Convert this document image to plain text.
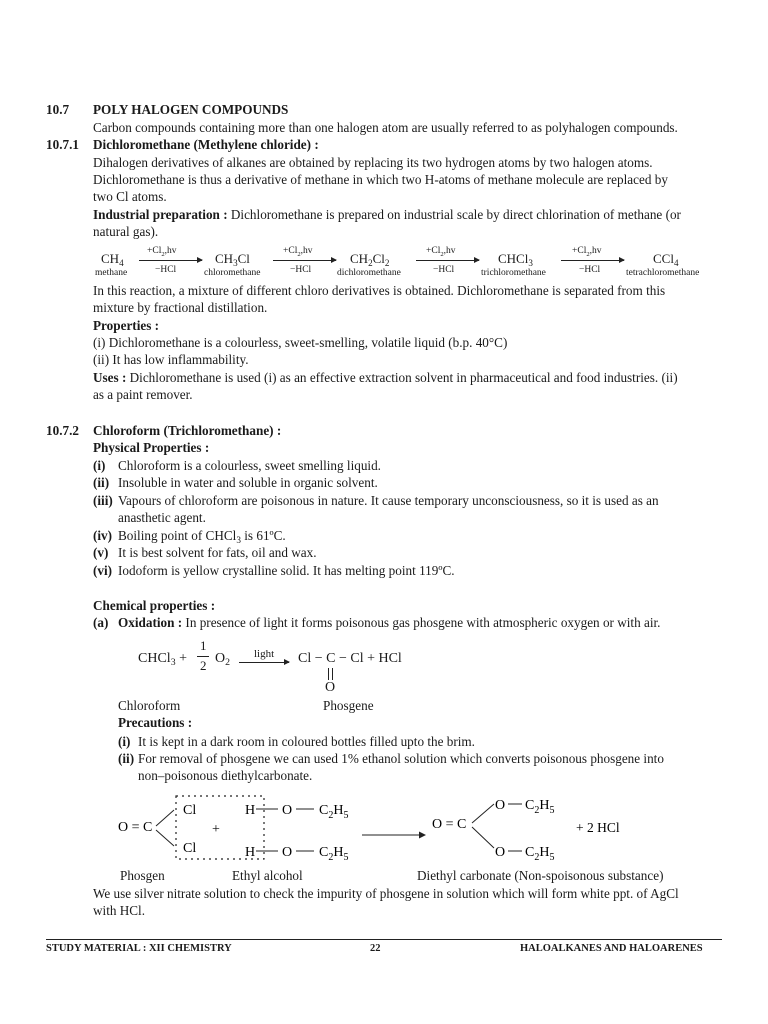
10.7 POLY HALOGEN COMPOUNDS
Carbon compounds containing more than one halogen atom are usually referred to as polyhalogen compounds.
10.7.1 Dichloromethane (Methylene chloride) :
Dihalogen derivatives of alkanes are obtained by replacing its two hydrogen atoms by two halogen atoms.
Dichloromethane is thus a derivative of methane in which two H-atoms of methane molecule are replaced by
two Cl atoms.
Industrial preparation : Dichloromethane is prepared on industrial scale by direct chlorination of methane (or
natural gas).
$CH_4$
methane
$+Cl_2,hv$
−HCl
$CH_3Cl$
chloromethane
$+Cl_2,hv$
−HCl
$CH_2Cl_2$
dichloromethane
$+Cl_2,hv$
−HCl
CHCl$_3$
trichloromethane
$+Cl_2,hv$
−HCl
CCl$_4$
tetrachloromethane
In this reaction, a mixture of different chloro derivatives is obtained. Dichloromethane is separated from this
mixture by fractional distillation.
Properties :
(i) Dichloromethane is a colourless, sweet-smelling, volatile liquid (b.p. 40°C)
(ii) It has low inflammability.
Uses : Dichloromethane is used (i) as an effective extraction solvent in pharmaceutical and food industries. (ii)
as a paint remover.
10.7.2 Chloroform (Trichloromethane) :
Physical Properties :
(i) Chloroform is a colourless, sweet smelling liquid.
(ii) Insoluble in water and soluble in organic solvent.
(iii) Vapours of chloroform are poisonous in nature. It cause temporary unconsciousness, so it is used as an
anasthetic agent.
(iv) Boiling point of CHCl$_3$ is 61ºC.
(v) It is best solvent for fats, oil and wax.
(vi) Iodoform is yellow crystalline solid. It has melting point 119ºC.
Chemical properties :
(a) Oxidation : In presence of light it forms poisonous gas phosgene with atmospheric oxygen or with air.
CHCl$_3$ +
1
2 $O_2$
light → Cl − C − Cl + HCl
O
Chloroform	Phosgene
Precautions :
(i) It is kept in a dark room in coloured bottles filled upto the brim.
(ii) For removal of phosgene we can used 1% ethanol solution which converts poisonous phosgene into
non–poisonous diethylcarbonate.
O = C
Cl
Cl
+
H O $C_2H_5$
H O $C_2H_5$
O = C
O $C_2H_5$
O $C_2H_5$
+ 2 HCl
Phosgen	Ethyl alcohol	Diethyl carbonate (Non-spoisonous substance)
We use silver nitrate solution to check the impurity of phosgene in solution which will form white ppt. of AgCl
with HCl.
STUDY MATERIAL : XII CHEMISTRY	22	HALOALKANES AND HALOARENES
